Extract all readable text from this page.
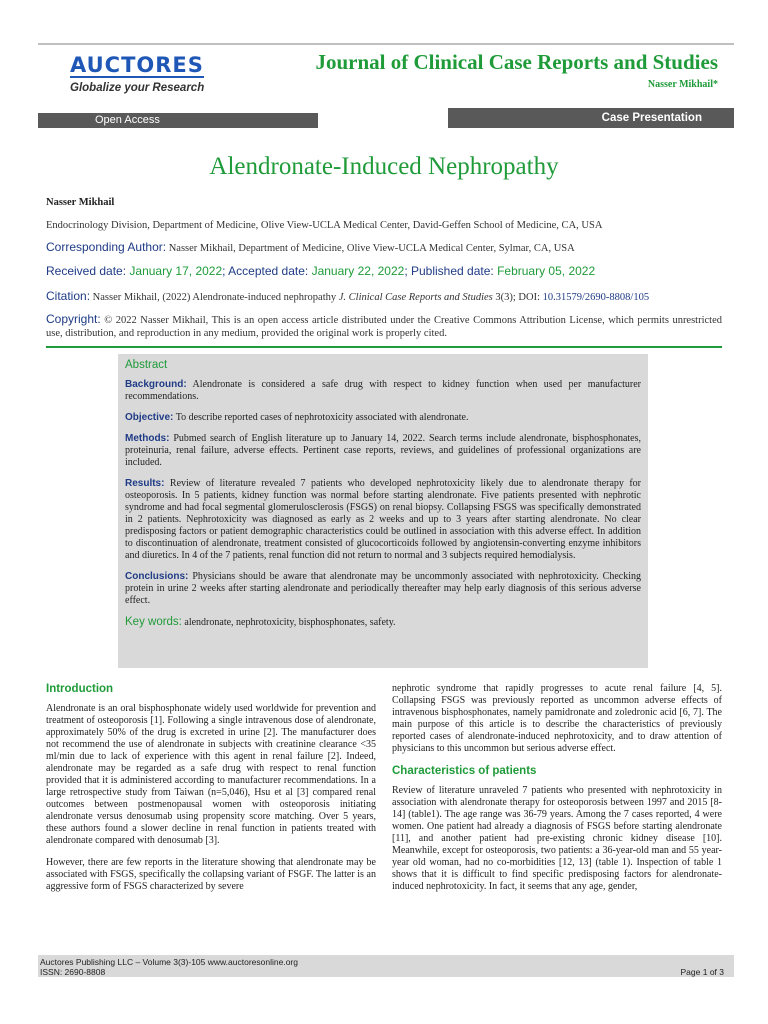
AUCTORES
Globalize your Research
Journal of Clinical Case Reports and Studies
Nasser Mikhail*
Open Access	Case Presentation
Alendronate-Induced Nephropathy
Nasser Mikhail
Endocrinology Division, Department of Medicine, Olive View-UCLA Medical Center, David-Geffen School of Medicine, CA, USA
Corresponding Author: Nasser Mikhail, Department of Medicine, Olive View-UCLA Medical Center, Sylmar, CA, USA
Received date: January 17, 2022; Accepted date: January 22, 2022; Published date: February 05, 2022
Citation: Nasser Mikhail, (2022) Alendronate-induced nephropathy J. Clinical Case Reports and Studies 3(3); DOI: 10.31579/2690-8808/105
Copyright: © 2022 Nasser Mikhail, This is an open access article distributed under the Creative Commons Attribution License, which permits unrestricted use, distribution, and reproduction in any medium, provided the original work is properly cited.
Abstract

Background: Alendronate is considered a safe drug with respect to kidney function when used per manufacturer recommendations.

Objective: To describe reported cases of nephrotoxicity associated with alendronate.

Methods: Pubmed search of English literature up to January 14, 2022. Search terms include alendronate, bisphosphonates, proteinuria, renal failure, adverse effects. Pertinent case reports, reviews, and guidelines of professional organizations are included.

Results: Review of literature revealed 7 patients who developed nephrotoxicity likely due to alendronate therapy for osteoporosis. In 5 patients, kidney function was normal before starting alendronate. Five patients presented with nephrotic syndrome and had focal segmental glomerulosclerosis (FSGS) on renal biopsy. Collapsing FSGS was specifically demonstrated in 2 patients. Nephrotoxicity was diagnosed as early as 2 weeks and up to 3 years after starting alendronate. No clear predisposing factors or patient demographic characteristics could be outlined in association with this adverse effect. In addition to discontinuation of alendronate, treatment consisted of glucocorticoids followed by angiotensin-converting enzyme inhibitors and diuretics. In 4 of the 7 patients, renal function did not return to normal and 3 subjects required hemodialysis.

Conclusions: Physicians should be aware that alendronate may be uncommonly associated with nephrotoxicity. Checking protein in urine 2 weeks after starting alendronate and periodically thereafter may help early diagnosis of this serious adverse effect.

Key words: alendronate, nephrotoxicity, bisphosphonates, safety.

Introduction

Alendronate is an oral bisphosphonate widely used worldwide for prevention and treatment of osteoporosis [1]. Following a single intravenous dose of alendronate, approximately 50% of the drug is excreted in urine [2]. The manufacturer does not recommend the use of alendronate in subjects with creatinine clearance <35 ml/min due to lack of experience with this agent in renal failure [2]. Indeed, alendronate may be regarded as a safe drug with respect to renal function provided that it is administered according to manufacturer recommendations. In a large retrospective study from Taiwan (n=5,046), Hsu et al [3] compared renal outcomes between postmenopausal women with osteoporosis initiating alendronate versus denosumab using propensity score matching. Over 5 years, these authors found a slower decline in renal function in patients treated with alendronate compared with denosumab [3].

However, there are few reports in the literature showing that alendronate may be associated with FSGS, specifically the collapsing variant of FSGF. The latter is an aggressive form of FSGS characterized by severe

nephrotic syndrome that rapidly progresses to acute renal failure [4, 5]. Collapsing FSGS was previously reported as uncommon adverse effects of intravenous bisphosphonates, namely pamidronate and zoledronic acid [6, 7]. The main purpose of this article is to describe the characteristics of previously reported cases of alendronate-induced nephrotoxicity, and to draw attention of physicians to this uncommon but serious adverse effect.

Characteristics of patients

Review of literature unraveled 7 patients who presented with nephrotoxicity in association with alendronate therapy for osteoporosis between 1997 and 2015 [8-14] (table1). The age range was 36-79 years. Among the 7 cases reported, 4 were women. One patient had already a diagnosis of FSGS before starting alendronate [11], and another patient had pre-existing chronic kidney disease [10]. Meanwhile, except for osteoporosis, two patients: a 36-year-old man and 55 year-year old woman, had no co-morbidities [12, 13] (table 1). Inspection of table 1 shows that it is difficult to find specific predisposing factors for alendronate-induced nephrotoxicity. In fact, it seems that any age, gender,

Auctores Publishing LLC – Volume 3(3)-105 www.auctoresonline.org
ISSN: 2690-8808	Page 1 of 3
